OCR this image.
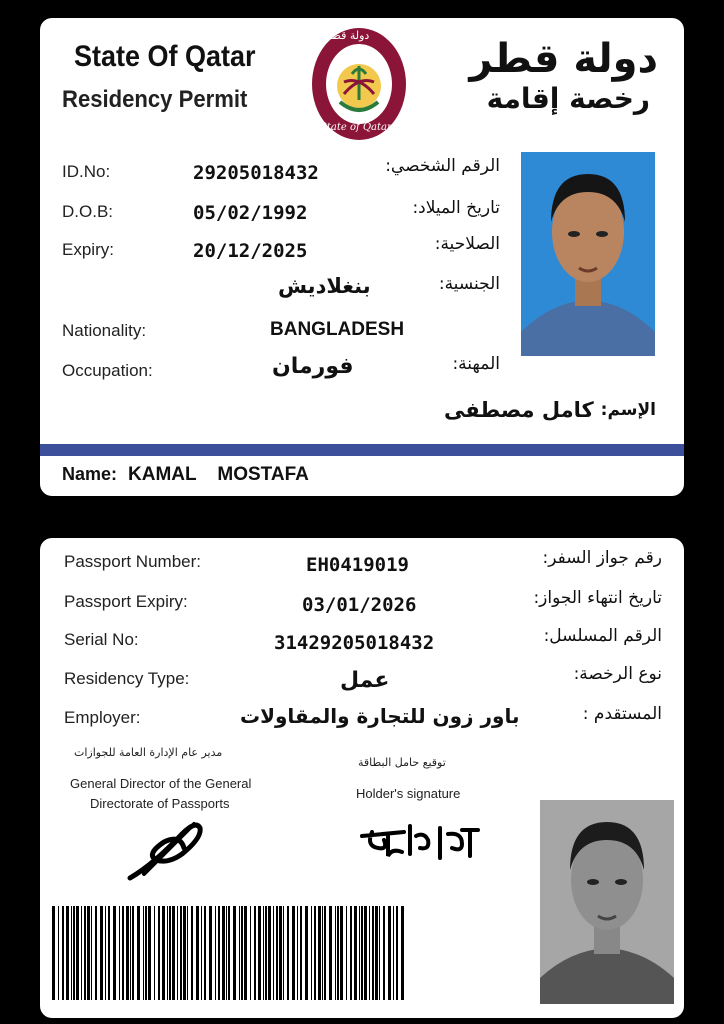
State Of Qatar
Residency Permit
دولة قطر
State of Qatar
دولة قطر
رخصة إقامة
ID.No:	29205018432	الرقم الشخصي:
D.O.B:	05/02/1992	تاريخ الميلاد:
Expiry:	20/12/2025	الصلاحية:
بنغلاديش	الجنسية:
Nationality:	BANGLADESH
Occupation:	فورمان	المهنة:
كامل مصطفى الإسم:
Name: KAMAL    MOSTAFA
Passport Number:	EH0419019	رقم جواز السفر:
Passport Expiry:	03/01/2026	تاريخ انتهاء الجواز:
Serial No:	31429205018432	الرقم المسلسل:
Residency Type:	عمل	نوع الرخصة:
Employer:	باور زون للتجارة والمقاولات	المستقدم :
مدير عام الإدارة العامة للجوازات
General Director of the General
Directorate of Passports
توقيع حامل البطاقة
Holder's signature
